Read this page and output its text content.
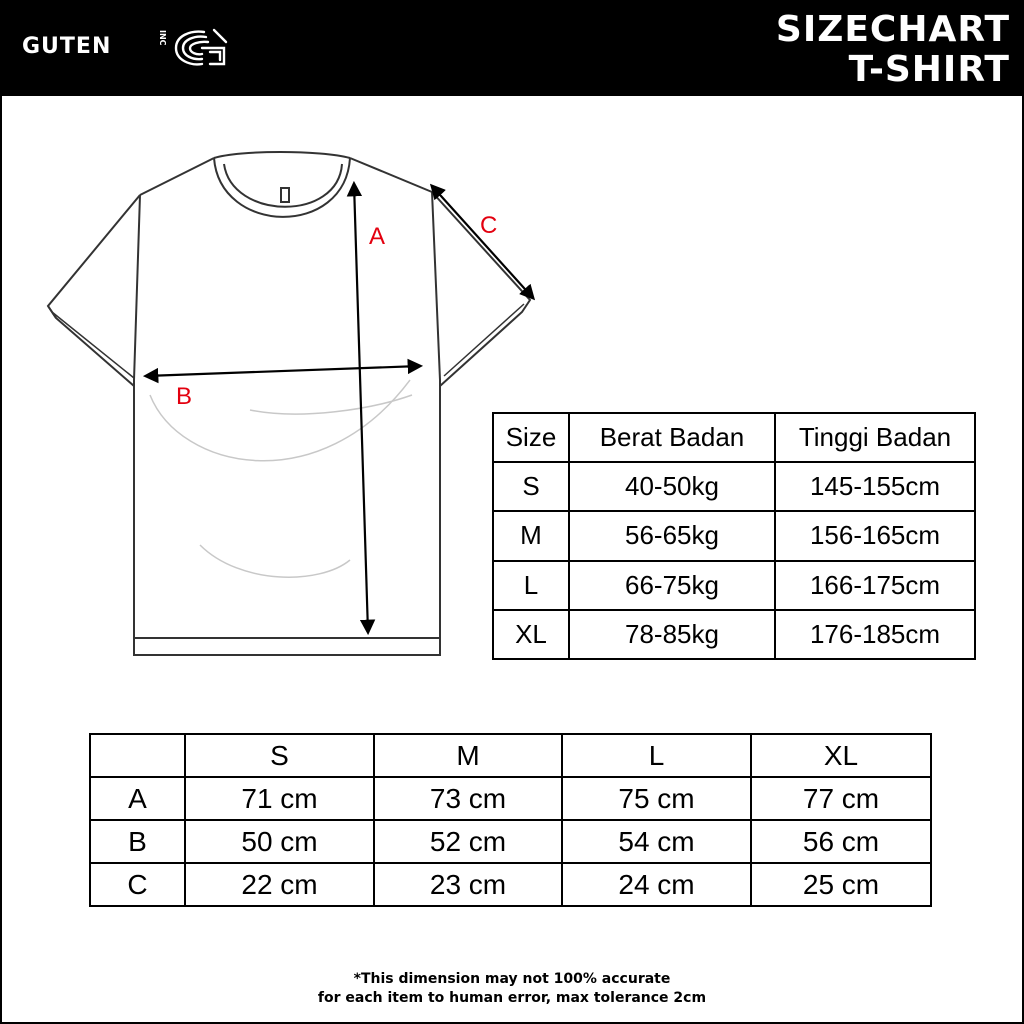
GUTEN	INC	SIZECHART
T-SHIRT
A
B
C
Size	Berat Badan	Tinggi Badan
S	40-50kg	145-155cm
M	56-65kg	156-165cm
L	66-75kg	166-175cm
XL	78-85kg	176-185cm
	S	M	L	XL
A	71 cm	73 cm	75 cm	77 cm
B	50 cm	52 cm	54 cm	56 cm
C	22 cm	23 cm	24 cm	25 cm
*This dimension may not 100% accurate
for each item to human error, max tolerance 2cm
